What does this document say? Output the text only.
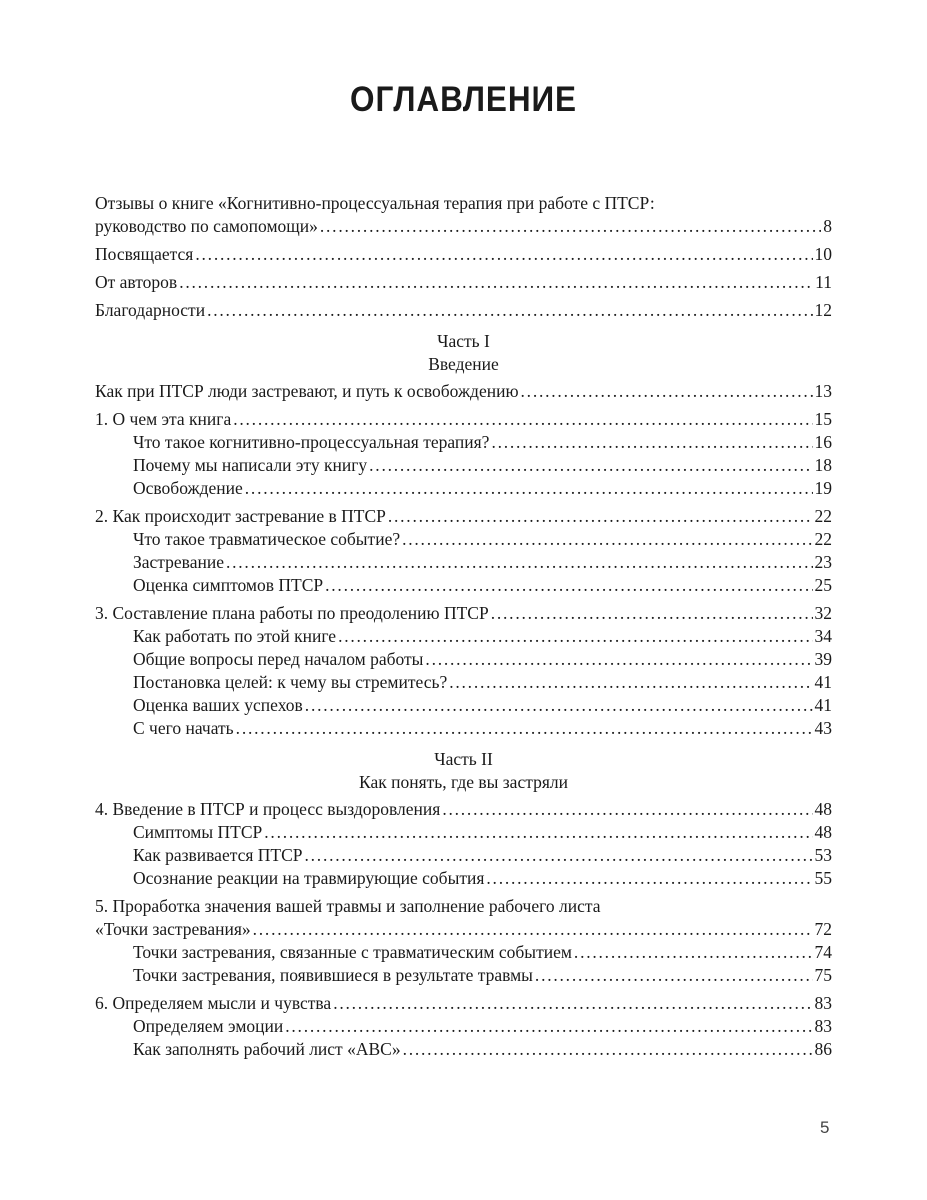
ОГЛАВЛЕНИЕ
Отзывы о книге «Когнитивно-процессуальная терапия при работе с ПТСР:
руководство по самопомощи» . . .	8
Посвящается . . .	10
От авторов . . .	11
Благодарности . . .	12
Часть I
Введение
Как при ПТСР люди застревают, и путь к освобождению . . .	13
1. О чем эта книга . . .	15
Что такое когнитивно-процессуальная терапия? . . .	16
Почему мы написали эту книгу . . .	18
Освобождение . . .	19
2. Как происходит застревание в ПТСР . . .	22
Что такое травматическое событие? . . .	22
Застревание . . .	23
Оценка симптомов ПТСР . . .	25
3. Составление плана работы по преодолению ПТСР . . .	32
Как работать по этой книге . . .	34
Общие вопросы перед началом работы . . .	39
Постановка целей: к чему вы стремитесь? . . .	41
Оценка ваших успехов . . .	41
С чего начать . . .	43
Часть II
Как понять, где вы застряли
4. Введение в ПТСР и процесс выздоровления . . .	48
Симптомы ПТСР . . .	48
Как развивается ПТСР . . .	53
Осознание реакции на травмирующие события . . .	55
5. Проработка значения вашей травмы и заполнение рабочего листа
«Точки застревания» . . .	72
Точки застревания, связанные с травматическим событием . . .	74
Точки застревания, появившиеся в результате травмы . . .	75
6. Определяем мысли и чувства . . .	83
Определяем эмоции . . .	83
Как заполнять рабочий лист «ABC» . . .	86
5
